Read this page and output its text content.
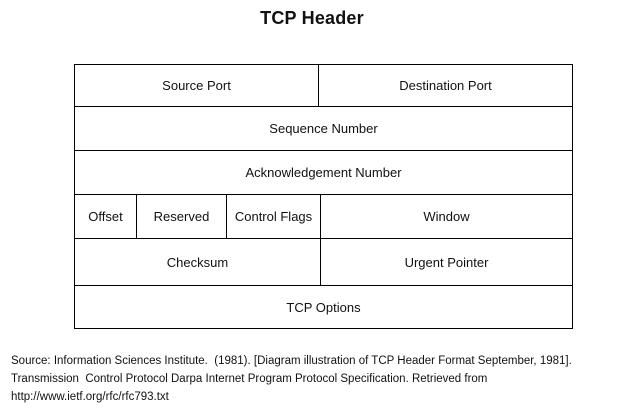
TCP Header
Source Port	Destination Port
Sequence Number
Acknowledgement Number
Offset	Reserved	Control Flags	Window
Checksum	Urgent Pointer
TCP Options
Source: Information Sciences Institute.  (1981). [Diagram illustration of TCP Header Format September, 1981].
Transmission  Control Protocol Darpa Internet Program Protocol Specification. Retrieved from
http://www.ietf.org/rfc/rfc793.txt
